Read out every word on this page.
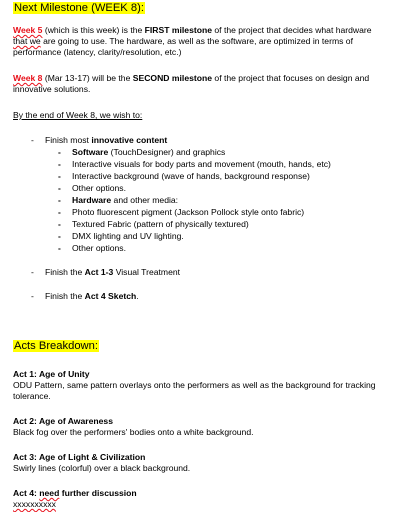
Next Milestone (WEEK 8):

Week 5 (which is this week) is the FIRST milestone of the project that decides what hardware

that we are going to use. The hardware, as well as the software, are optimized in terms of

performance (latency, clarity/resolution, etc.)

Week 8 (Mar 13-17) will be the SECOND milestone of the project that focuses on design and

innovative solutions.

By the end of Week 8, we wish to:
- Finish most innovative content
- Software (TouchDesigner) and graphics
- Interactive visuals for body parts and movement (mouth, hands, etc)
- Interactive background (wave of hands, background response)
- Other options.
- Hardware and other media:
- Photo fluorescent pigment (Jackson Pollock style onto fabric)
- Textured Fabric (pattern of physically textured)
- DMX lighting and UV lighting.
- Other options.
- Finish the Act 1-3 Visual Treatment
- Finish the Act 4 Sketch.
Acts Breakdown:

Act 1: Age of Unity

ODU Pattern, same pattern overlays onto the performers as well as the background for tracking

tolerance.

Act 2: Age of Awareness

Black fog over the performers' bodies onto a white background.

Act 3: Age of Light & Civilization

Swirly lines (colorful) over a black background.

Act 4: need further discussion

xxxxxxxxxx
